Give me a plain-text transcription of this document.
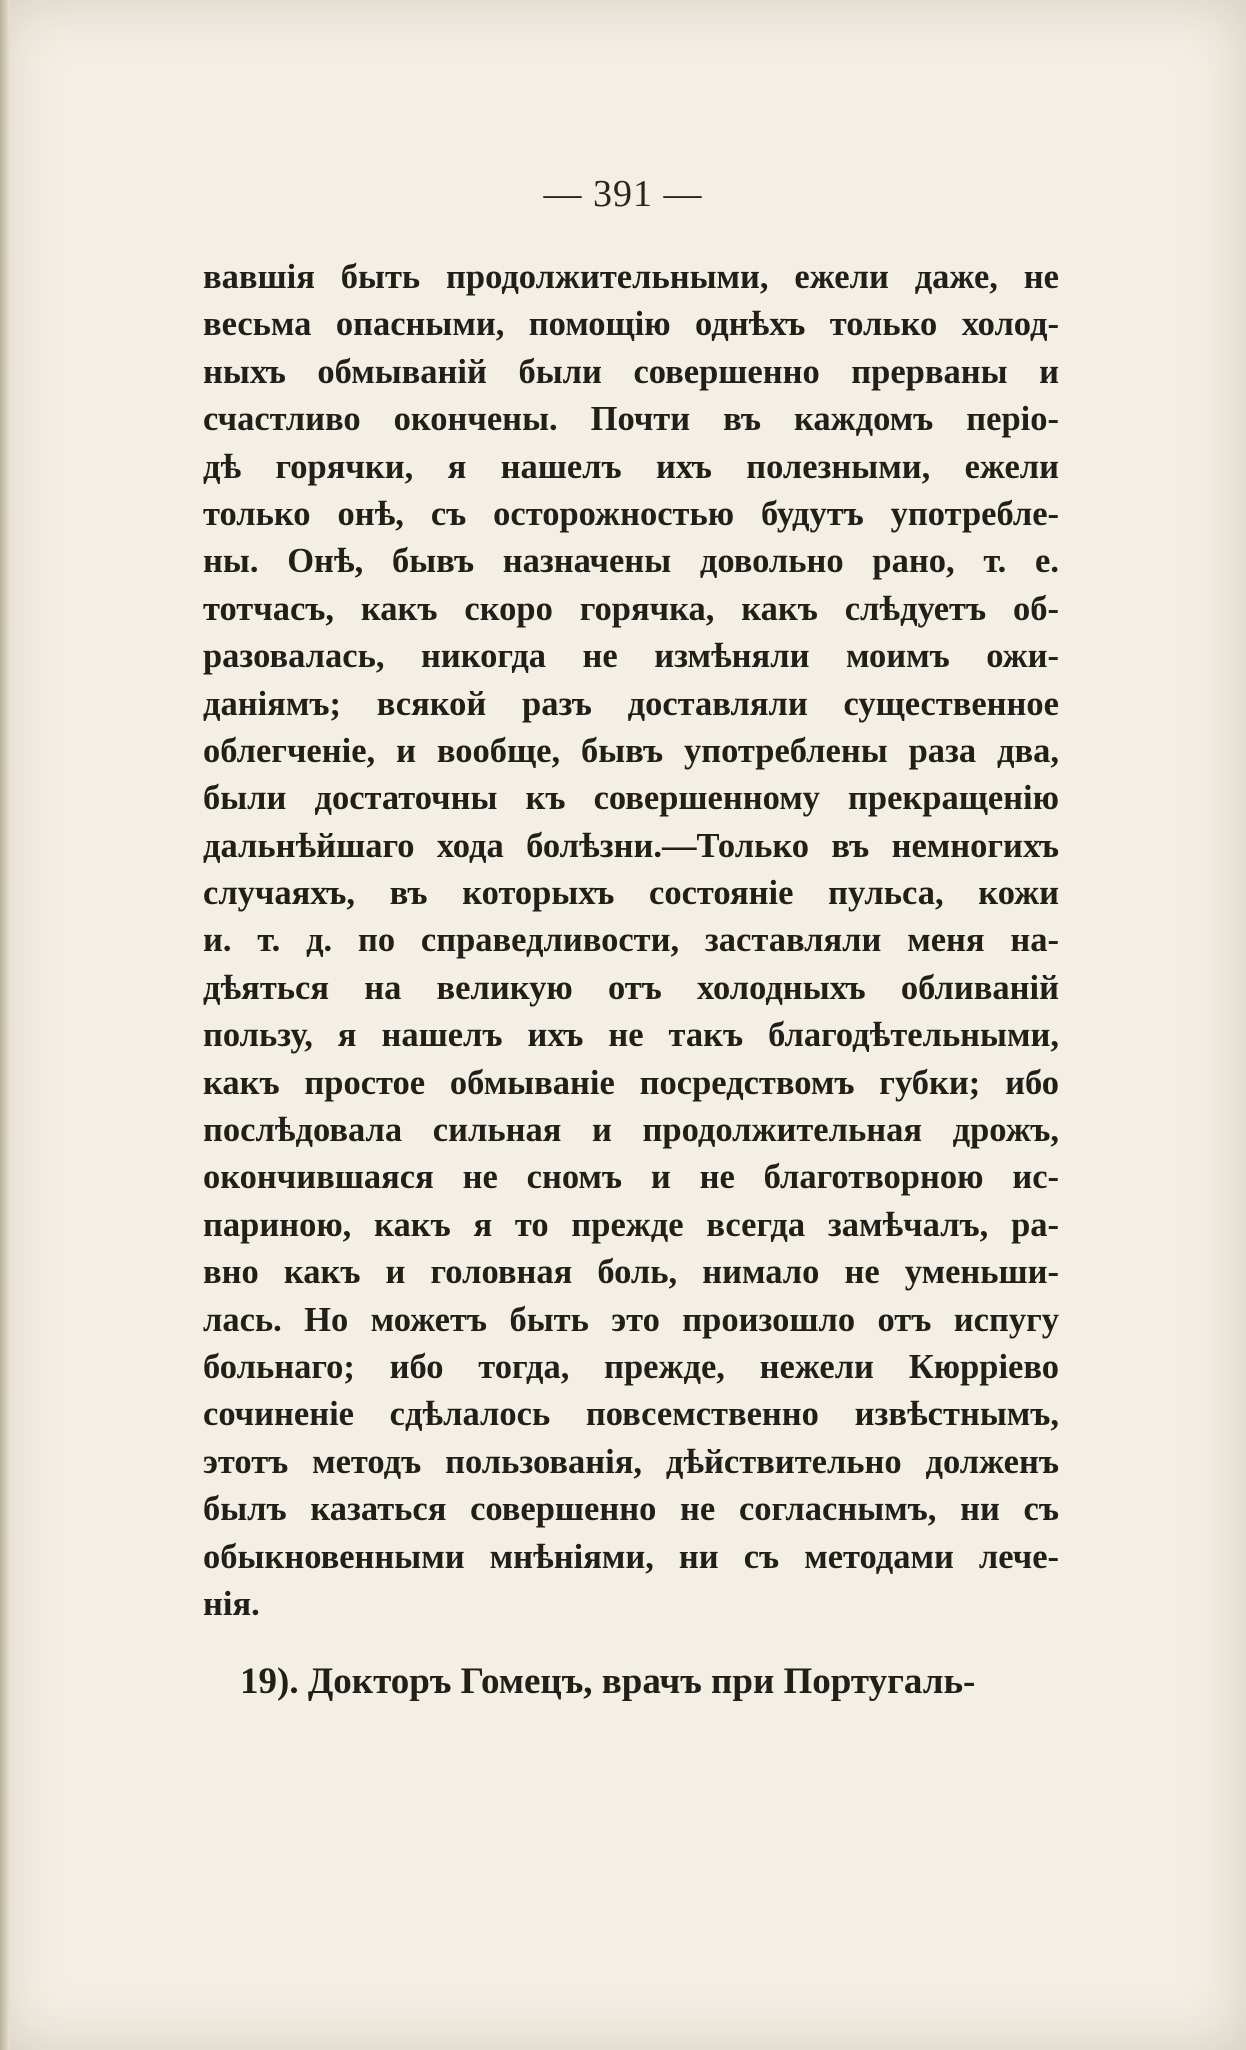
— 391 —
вавшія быть продолжительными, ежели даже, не
весьма опасными, помощію однѣхъ только холод-
ныхъ обмываній были совершенно прерваны и
счастливо окончены. Почти въ каждомъ періо-
дѣ горячки, я нашелъ ихъ полезными, ежели
только онѣ, съ осторожностью будутъ употребле-
ны. Онѣ, бывъ назначены довольно рано, т. е.
тотчасъ, какъ скоро горячка, какъ слѣдуетъ об-
разовалась, никогда не измѣняли моимъ ожи-
даніямъ; всякой разъ доставляли существенное
облегченіе, и вообще, бывъ употреблены раза два,
были достаточны къ совершенному прекращенію
дальнѣйшаго хода болѣзни.—Только въ немногихъ
случаяхъ, въ которыхъ состояніе пульса, кожи
и. т. д. по справедливости, заставляли меня на-
дѣяться на великую отъ холодныхъ обливаній
пользу, я нашелъ ихъ не такъ благодѣтельными,
какъ простое обмываніе посредствомъ губки; ибо
послѣдовала сильная и продолжительная дрожъ,
окончившаяся не сномъ и не благотворною ис-
париною, какъ я то прежде всегда замѣчалъ, ра-
вно какъ и головная боль, нимало не уменьши-
лась. Но можетъ быть это произошло отъ испугу
больнаго; ибо тогда, прежде, нежели Кюрріево
сочиненіе сдѣлалось повсемственно извѣстнымъ,
этотъ методъ пользованія, дѣйствительно долженъ
былъ казаться совершенно не согласнымъ, ни съ
обыкновенными мнѣніями, ни съ методами лече-
нія.
19). Докторъ Гомецъ, врачъ при Португаль-
